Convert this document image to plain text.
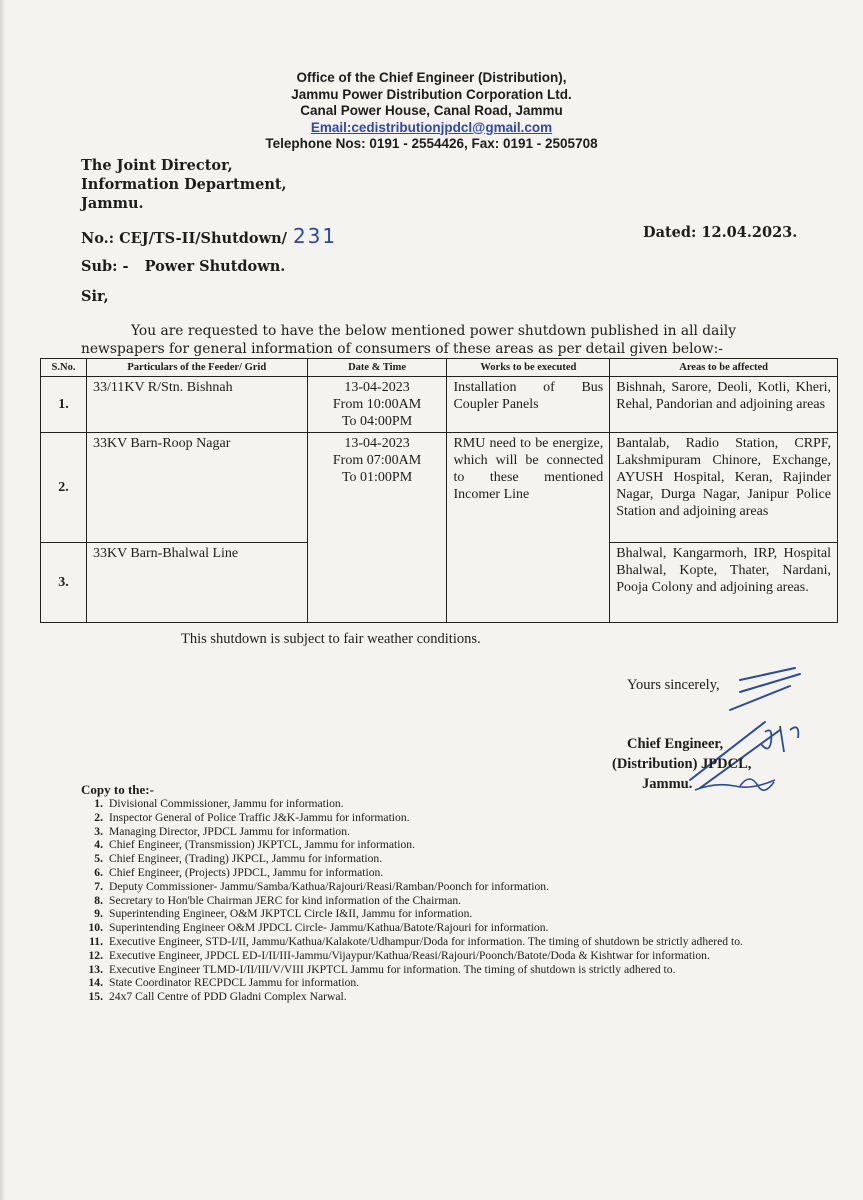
Office of the Chief Engineer (Distribution),
Jammu Power Distribution Corporation Ltd.
Canal Power House, Canal Road, Jammu
Email:cedistributionjpdcl@gmail.com
Telephone Nos: 0191 - 2554426, Fax: 0191 - 2505708
The Joint Director,
Information Department,
Jammu.
No.: CEJ/TS-II/Shutdown/ 231	Dated: 12.04.2023.
Sub: - Power Shutdown.
Sir,
You are requested to have the below mentioned power shutdown published in all daily newspapers for general information of consumers of these areas as per detail given below:-
S.No.	Particulars of the Feeder/ Grid	Date & Time	Works to be executed	Areas to be affected
1.	33/11KV R/Stn. Bishnah	13-04-2023
From 10:00AM
To 04:00PM	Installation of Bus Coupler Panels	Bishnah, Sarore, Deoli, Kotli, Kheri, Rehal, Pandorian and adjoining areas
2.	33KV Barn-Roop Nagar	13-04-2023
From 07:00AM
To 01:00PM	RMU need to be energize, which will be connected to these mentioned Incomer Line	Bantalab, Radio Station, CRPF, Lakshmipuram Chinore, Exchange, AYUSH Hospital, Keran, Rajinder Nagar, Durga Nagar, Janipur Police Station and adjoining areas
3.	33KV Barn-Bhalwal Line			Bhalwal, Kangarmorh, IRP, Hospital Bhalwal, Kopte, Thater, Nardani, Pooja Colony and adjoining areas.
This shutdown is subject to fair weather conditions.
Yours sincerely,
Chief Engineer,
(Distribution) JPDCL,
Jammu.
Copy to the:-
1. Divisional Commissioner, Jammu for information.
2. Inspector General of Police Traffic J&K-Jammu for information.
3. Managing Director, JPDCL Jammu for information.
4. Chief Engineer, (Transmission) JKPTCL, Jammu for information.
5. Chief Engineer, (Trading) JKPCL, Jammu for information.
6. Chief Engineer, (Projects) JPDCL, Jammu for information.
7. Deputy Commissioner- Jammu/Samba/Kathua/Rajouri/Reasi/Ramban/Poonch for information.
8. Secretary to Hon'ble Chairman JERC for kind information of the Chairman.
9. Superintending Engineer, O&M JKPTCL Circle I&II, Jammu for information.
10. Superintending Engineer O&M JPDCL Circle- Jammu/Kathua/Batote/Rajouri for information.
11. Executive Engineer, STD-I/II, Jammu/Kathua/Kalakote/Udhampur/Doda for information. The timing of shutdown be strictly adhered to.
12. Executive Engineer, JPDCL ED-I/II/III-Jammu/Vijaypur/Kathua/Reasi/Rajouri/Poonch/Batote/Doda & Kishtwar for information.
13. Executive Engineer TLMD-I/II/III/V/VIII JKPTCL Jammu for information. The timing of shutdown is strictly adhered to.
14. State Coordinator RECPDCL Jammu for information.
15. 24x7 Call Centre of PDD Gladni Complex Narwal.
